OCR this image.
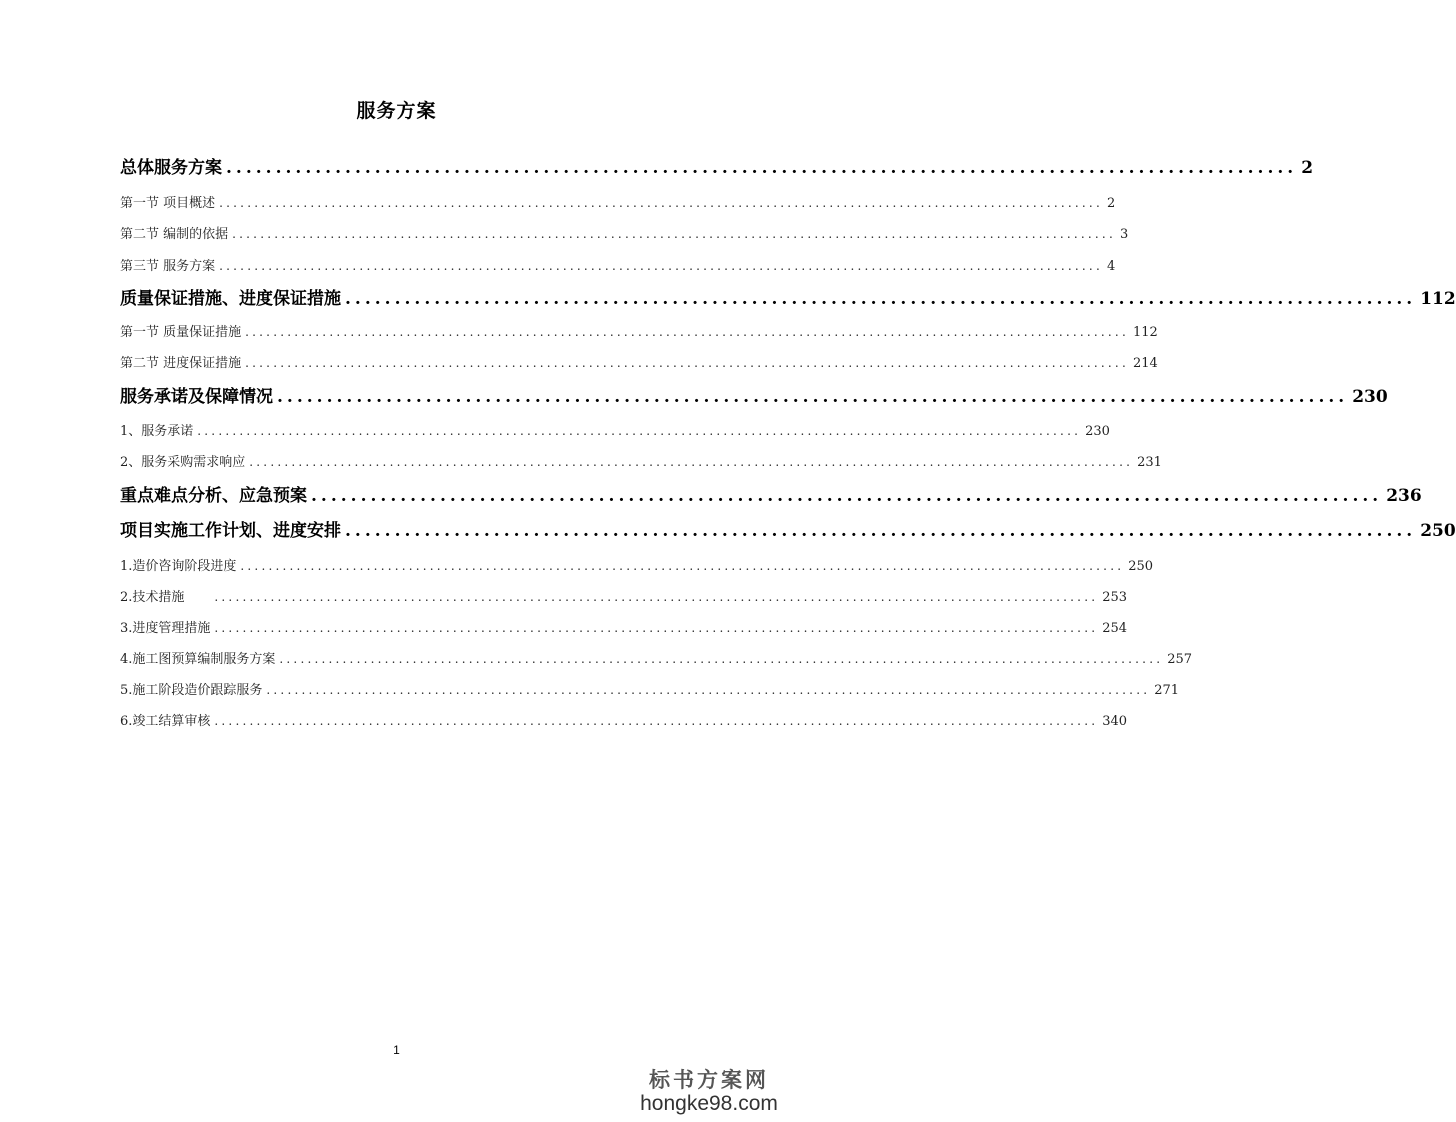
服务方案
总体服务方案 ............................................................................................................ 2
第一节 项目概述 .............................................................................................................................. 2
第二节 编制的依据 .............................................................................................................................. 3
第三节 服务方案 .............................................................................................................................. 4
质量保证措施、进度保证措施 ............................................................................................................ 112
第一节 质量保证措施 .............................................................................................................................. 112
第二节 进度保证措施 .............................................................................................................................. 214
服务承诺及保障情况 ............................................................................................................ 230
1、服务承诺 .............................................................................................................................. 230
2、服务采购需求响应 .............................................................................................................................. 231
重点难点分析、应急预案 ............................................................................................................ 236
项目实施工作计划、进度安排 ............................................................................................................ 250
1.造价咨询阶段进度 .............................................................................................................................. 250
2.技术措施	.............................................................................................................................. 253
3.进度管理措施 .............................................................................................................................. 254
4.施工图预算编制服务方案 .............................................................................................................................. 257
5.施工阶段造价跟踪服务 .............................................................................................................................. 271
6.竣工结算审核 .............................................................................................................................. 340
1
标书方案网
hongke98.com
